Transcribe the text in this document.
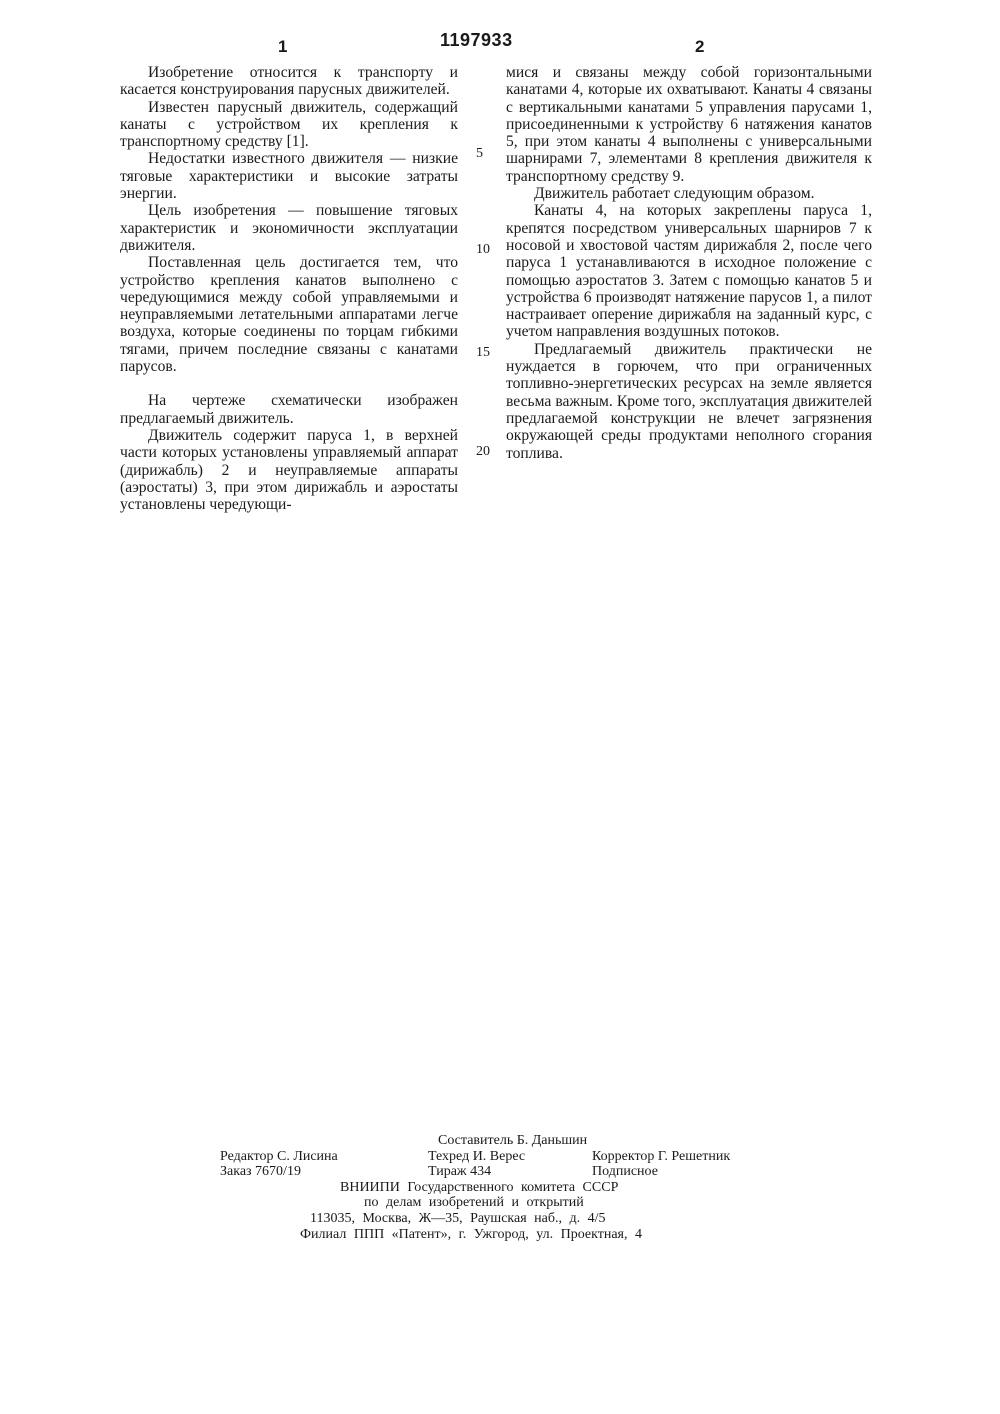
1197933
1	2

Изобретение относится к транспорту и касается конструирования парусных движителей.

Известен парусный движитель, содержащий канаты с устройством их крепления к транспортному средству [1].

Недостатки известного движителя — низкие тяговые характеристики и высокие затраты энергии.

Цель изобретения — повышение тяговых характеристик и экономичности эксплуатации движителя.

Поставленная цель достигается тем, что устройство крепления канатов выполнено с чередующимися между собой управляемыми и неуправляемыми летательными аппаратами легче воздуха, которые соединены по торцам гибкими тягами, причем последние связаны с канатами парусов.

На чертеже схематически изображен предлагаемый движитель.

Движитель содержит паруса 1, в верхней части которых установлены управляемый аппарат (дирижабль) 2 и неуправляемые аппараты (аэростаты) 3, при этом дирижабль и аэростаты установлены чередующи-

5
10
15
20

мися и связаны между собой горизонтальными канатами 4, которые их охватывают. Канаты 4 связаны с вертикальными канатами 5 управления парусами 1, присоединенными к устройству 6 натяжения канатов 5, при этом канаты 4 выполнены с универсальными шарнирами 7, элементами 8 крепления движителя к транспортному средству 9.

Движитель работает следующим образом.

Канаты 4, на которых закреплены паруса 1, крепятся посредством универсальных шарниров 7 к носовой и хвостовой частям дирижабля 2, после чего паруса 1 устанавливаются в исходное положение с помощью аэростатов 3. Затем с помощью канатов 5 и устройства 6 производят натяжение парусов 1, а пилот настраивает оперение дирижабля на заданный курс, с учетом направления воздушных потоков.

Предлагаемый движитель практически не нуждается в горючем, что при ограниченных топливно-энергетических ресурсах на земле является весьма важным. Кроме того, эксплуатация движителей предлагаемой конструкции не влечет загрязнения окружающей среды продуктами неполного сгорания топлива.

Составитель Б. Даньшин
Редактор С. Лисина	Техред И. Верес	Корректор Г. Решетник
Заказ 7670/19	Тираж 434	Подписное
ВНИИПИ Государственного комитета СССР
по делам изобретений и открытий
113035, Москва, Ж—35, Раушская наб., д. 4/5
Филиал ППП «Патент», г. Ужгород, ул. Проектная, 4
